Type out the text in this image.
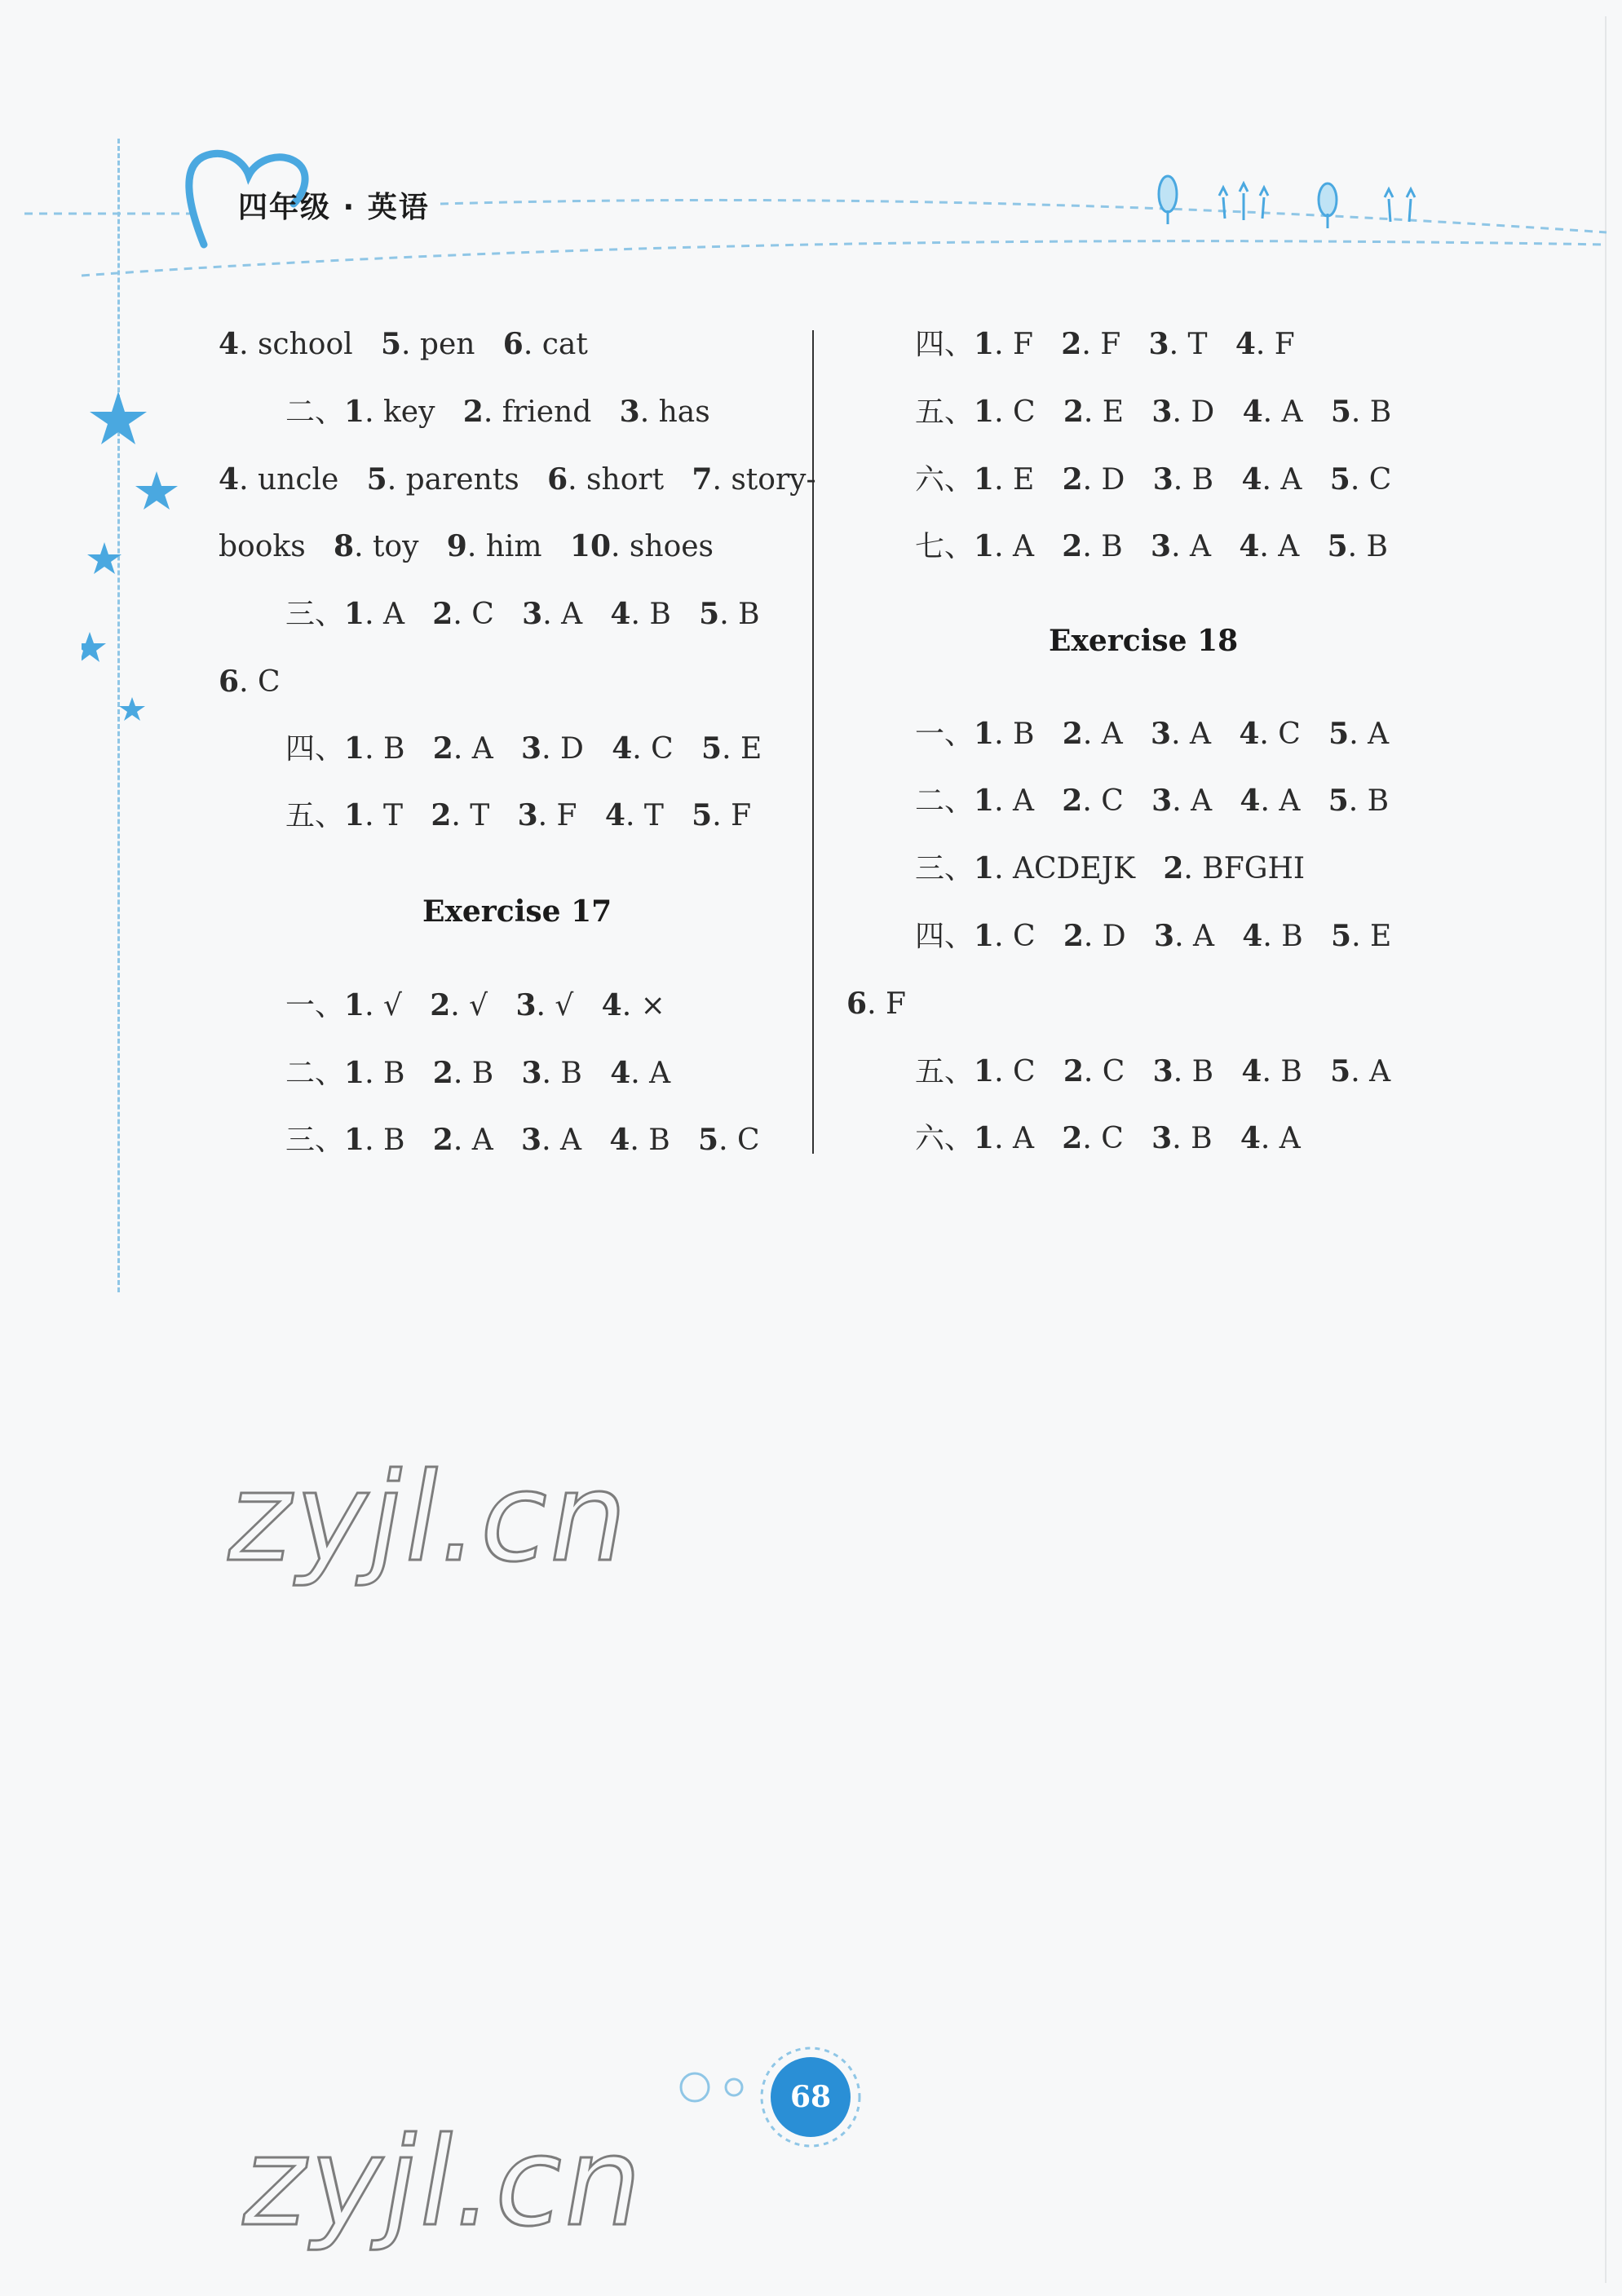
四年级 · 英语
4. school   5. pen   6. cat
二、1. key   2. friend   3. has
4. uncle   5. parents   6. short   7. story-
books   8. toy   9. him   10. shoes
三、1. A   2. C   3. A   4. B   5. B
6. C
四、1. B   2. A   3. D   4. C   5. E
五、1. T   2. T   3. F   4. T   5. F
一、1. √   2. √   3. √   4. ×
二、1. B   2. B   3. B   4. A
三、1. B   2. A   3. A   4. B   5. C
Exercise 17
四、1. F   2. F   3. T   4. F
五、1. C   2. E   3. D   4. A   5. B
六、1. E   2. D   3. B   4. A   5. C
七、1. A   2. B   3. A   4. A   5. B
一、1. B   2. A   3. A   4. C   5. A
二、1. A   2. C   3. A   4. A   5. B
三、1. ACDEJK   2. BFGHI
四、1. C   2. D   3. A   4. B   5. E
6. F
五、1. C   2. C   3. B   4. B   5. A
六、1. A   2. C   3. B   4. A
Exercise 18
zyjl.cn
zyjl.cn
68
